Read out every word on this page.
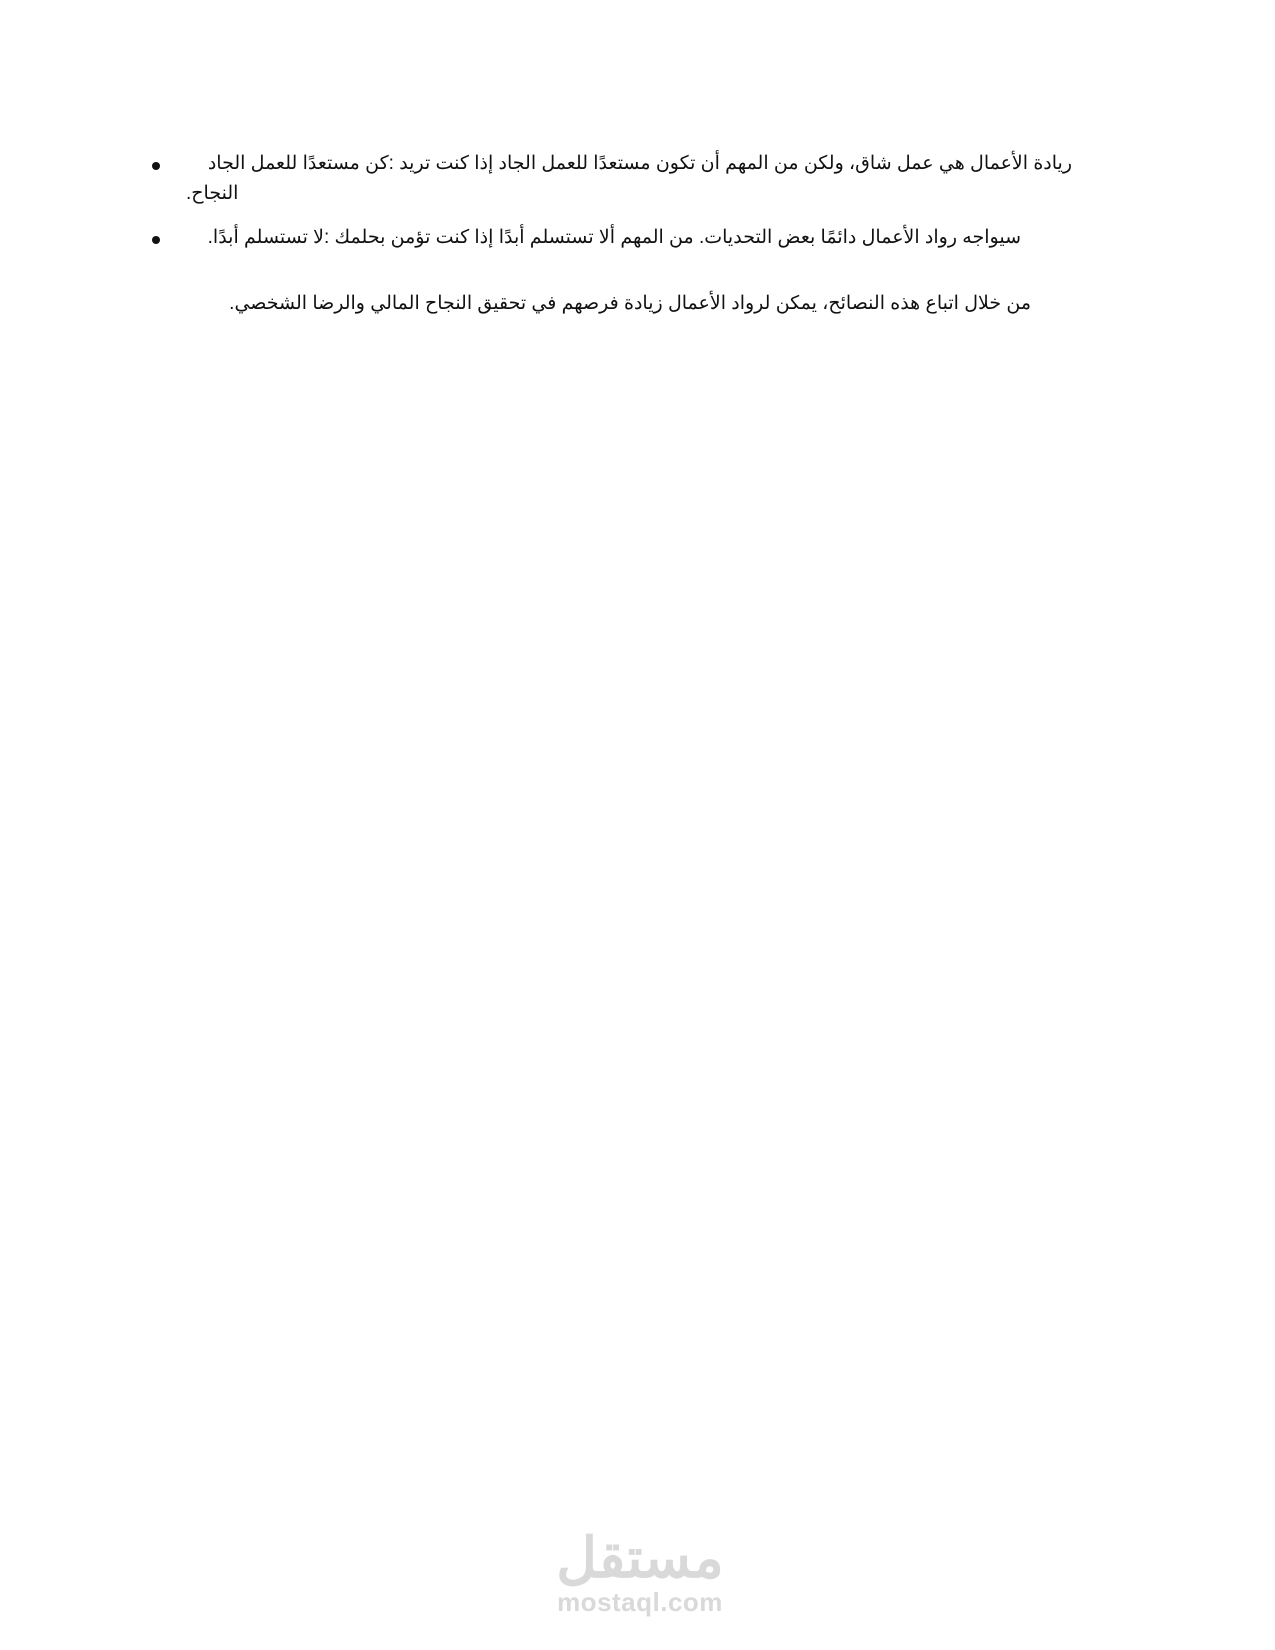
ريادة الأعمال هي عمل شاق، ولكن من المهم أن تكون مستعدًا للعمل الجاد إذا كنت تريد :كن مستعدًا للعمل الجاد
النجاح.
سيواجه رواد الأعمال دائمًا بعض التحديات. من المهم ألا تستسلم أبدًا إذا كنت تؤمن بحلمك :لا تستسلم أبدًا.
من خلال اتباع هذه النصائح، يمكن لرواد الأعمال زيادة فرصهم في تحقيق النجاح المالي والرضا الشخصي.
مستقل
mostaql.com
